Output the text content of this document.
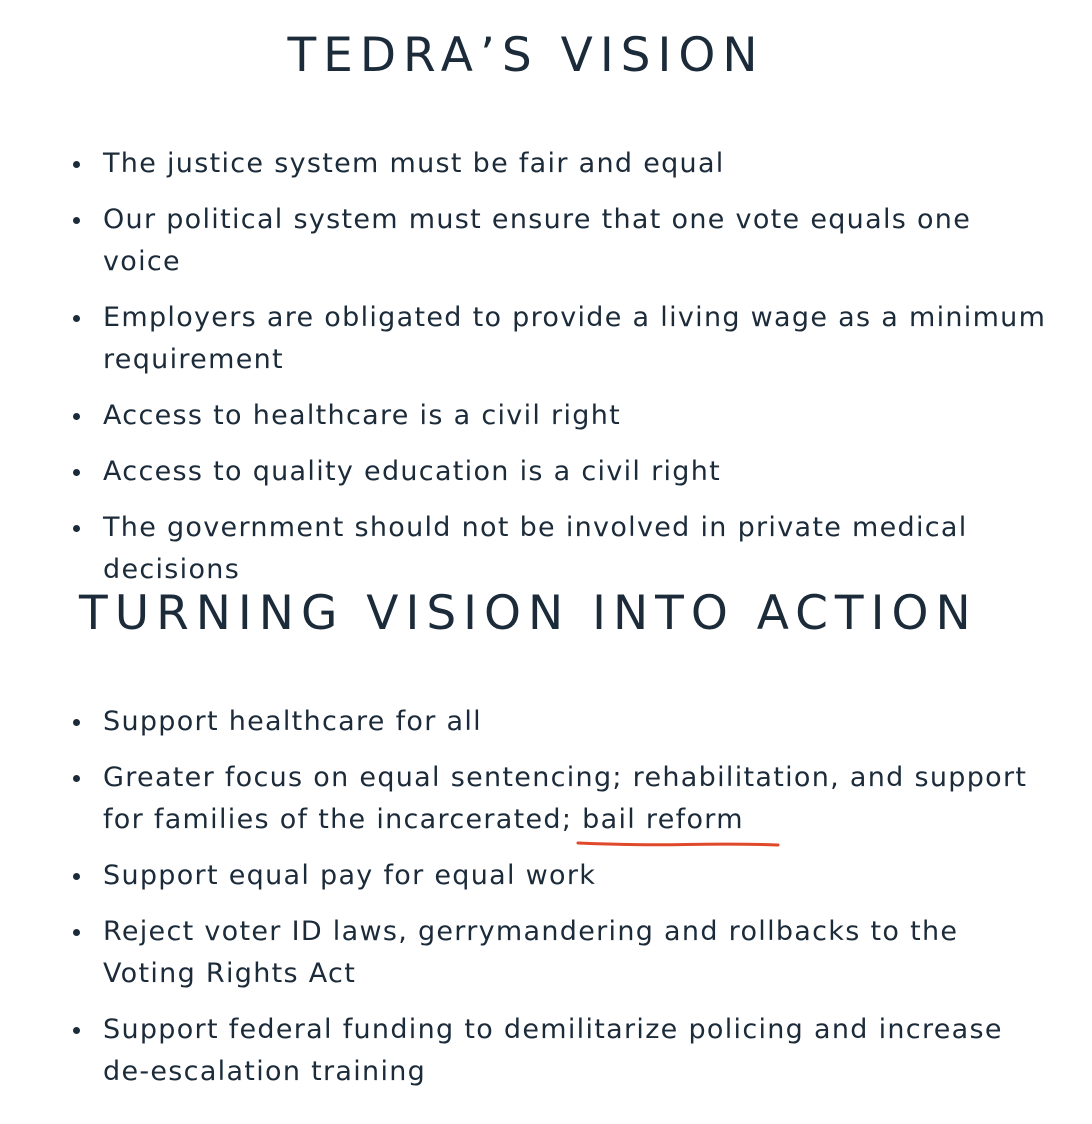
TEDRA’S VISION
The justice system must be fair and equal
Our political system must ensure that one vote equals one voice
Employers are obligated to provide a living wage as a minimum requirement
Access to healthcare is a civil right
Access to quality education is a civil right
The government should not be involved in private medical decisions
TURNING VISION INTO ACTION
Support healthcare for all
Greater focus on equal sentencing; rehabilitation, and support for families of the incarcerated; bail reform
Support equal pay for equal work
Reject voter ID laws, gerrymandering and rollbacks to the Voting Rights Act
Support federal funding to demilitarize policing and increase de-escalation training
